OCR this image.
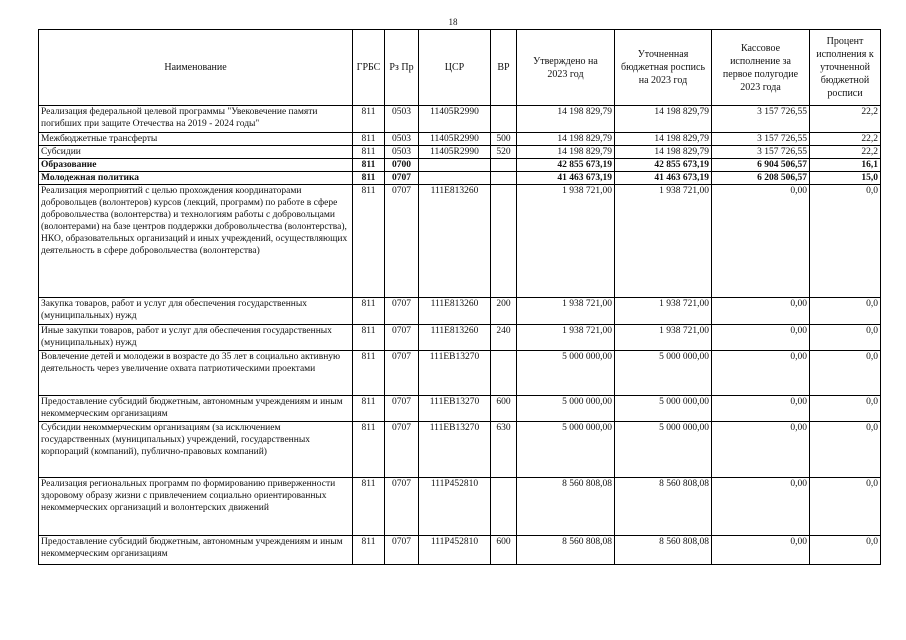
18
Наименование	ГРБС	Рз Пр	ЦСР	ВР	Утверждено на 2023 год	Уточненная бюджетная роспись на 2023 год	Кассовое исполнение за первое полугодие 2023 года	Процент исполнения к уточненной бюджетной росписи
Реализация федеральной целевой программы "Увековечение памяти погибших при защите Отечества на 2019 - 2024 годы"	811	0503	11405R2990		14 198 829,79	14 198 829,79	3 157 726,55	22,2
Межбюджетные трансферты	811	0503	11405R2990	500	14 198 829,79	14 198 829,79	3 157 726,55	22,2
Субсидии	811	0503	11405R2990	520	14 198 829,79	14 198 829,79	3 157 726,55	22,2
Образование	811	0700			42 855 673,19	42 855 673,19	6 904 506,57	16,1
Молодежная политика	811	0707			41 463 673,19	41 463 673,19	6 208 506,57	15,0
Реализация мероприятий с целью прохождения координаторами добровольцев (волонтеров) курсов (лекций, программ) по работе в сфере добровольчества (волонтерства) и технологиям работы с добровольцами (волонтерами) на базе центров поддержки добровольчества (волонтерства), НКО, образовательных организаций и иных учреждений, осуществляющих деятельность в сфере добровольчества (волонтерства)	811	0707	111E813260		1 938 721,00	1 938 721,00	0,00	0,0
Закупка товаров, работ и услуг для обеспечения государственных (муниципальных) нужд	811	0707	111E813260	200	1 938 721,00	1 938 721,00	0,00	0,0
Иные закупки товаров, работ и услуг для обеспечения государственных (муниципальных) нужд	811	0707	111E813260	240	1 938 721,00	1 938 721,00	0,00	0,0
Вовлечение детей и молодежи в возрасте до 35 лет в социально активную деятельность через увеличение охвата патриотическими проектами	811	0707	111EВ13270		5 000 000,00	5 000 000,00	0,00	0,0
Предоставление субсидий бюджетным, автономным учреждениям и иным некоммерческим организациям	811	0707	111EВ13270	600	5 000 000,00	5 000 000,00	0,00	0,0
Субсидии некоммерческим организациям (за исключением государственных (муниципальных) учреждений, государственных корпораций (компаний), публично-правовых компаний)	811	0707	111EВ13270	630	5 000 000,00	5 000 000,00	0,00	0,0
Реализация региональных программ по формированию приверженности здоровому образу жизни с привлечением социально ориентированных некоммерческих организаций и волонтерских движений	811	0707	111P452810		8 560 808,08	8 560 808,08	0,00	0,0
Предоставление субсидий бюджетным, автономным учреждениям и иным некоммерческим организациям	811	0707	111P452810	600	8 560 808,08	8 560 808,08	0,00	0,0
